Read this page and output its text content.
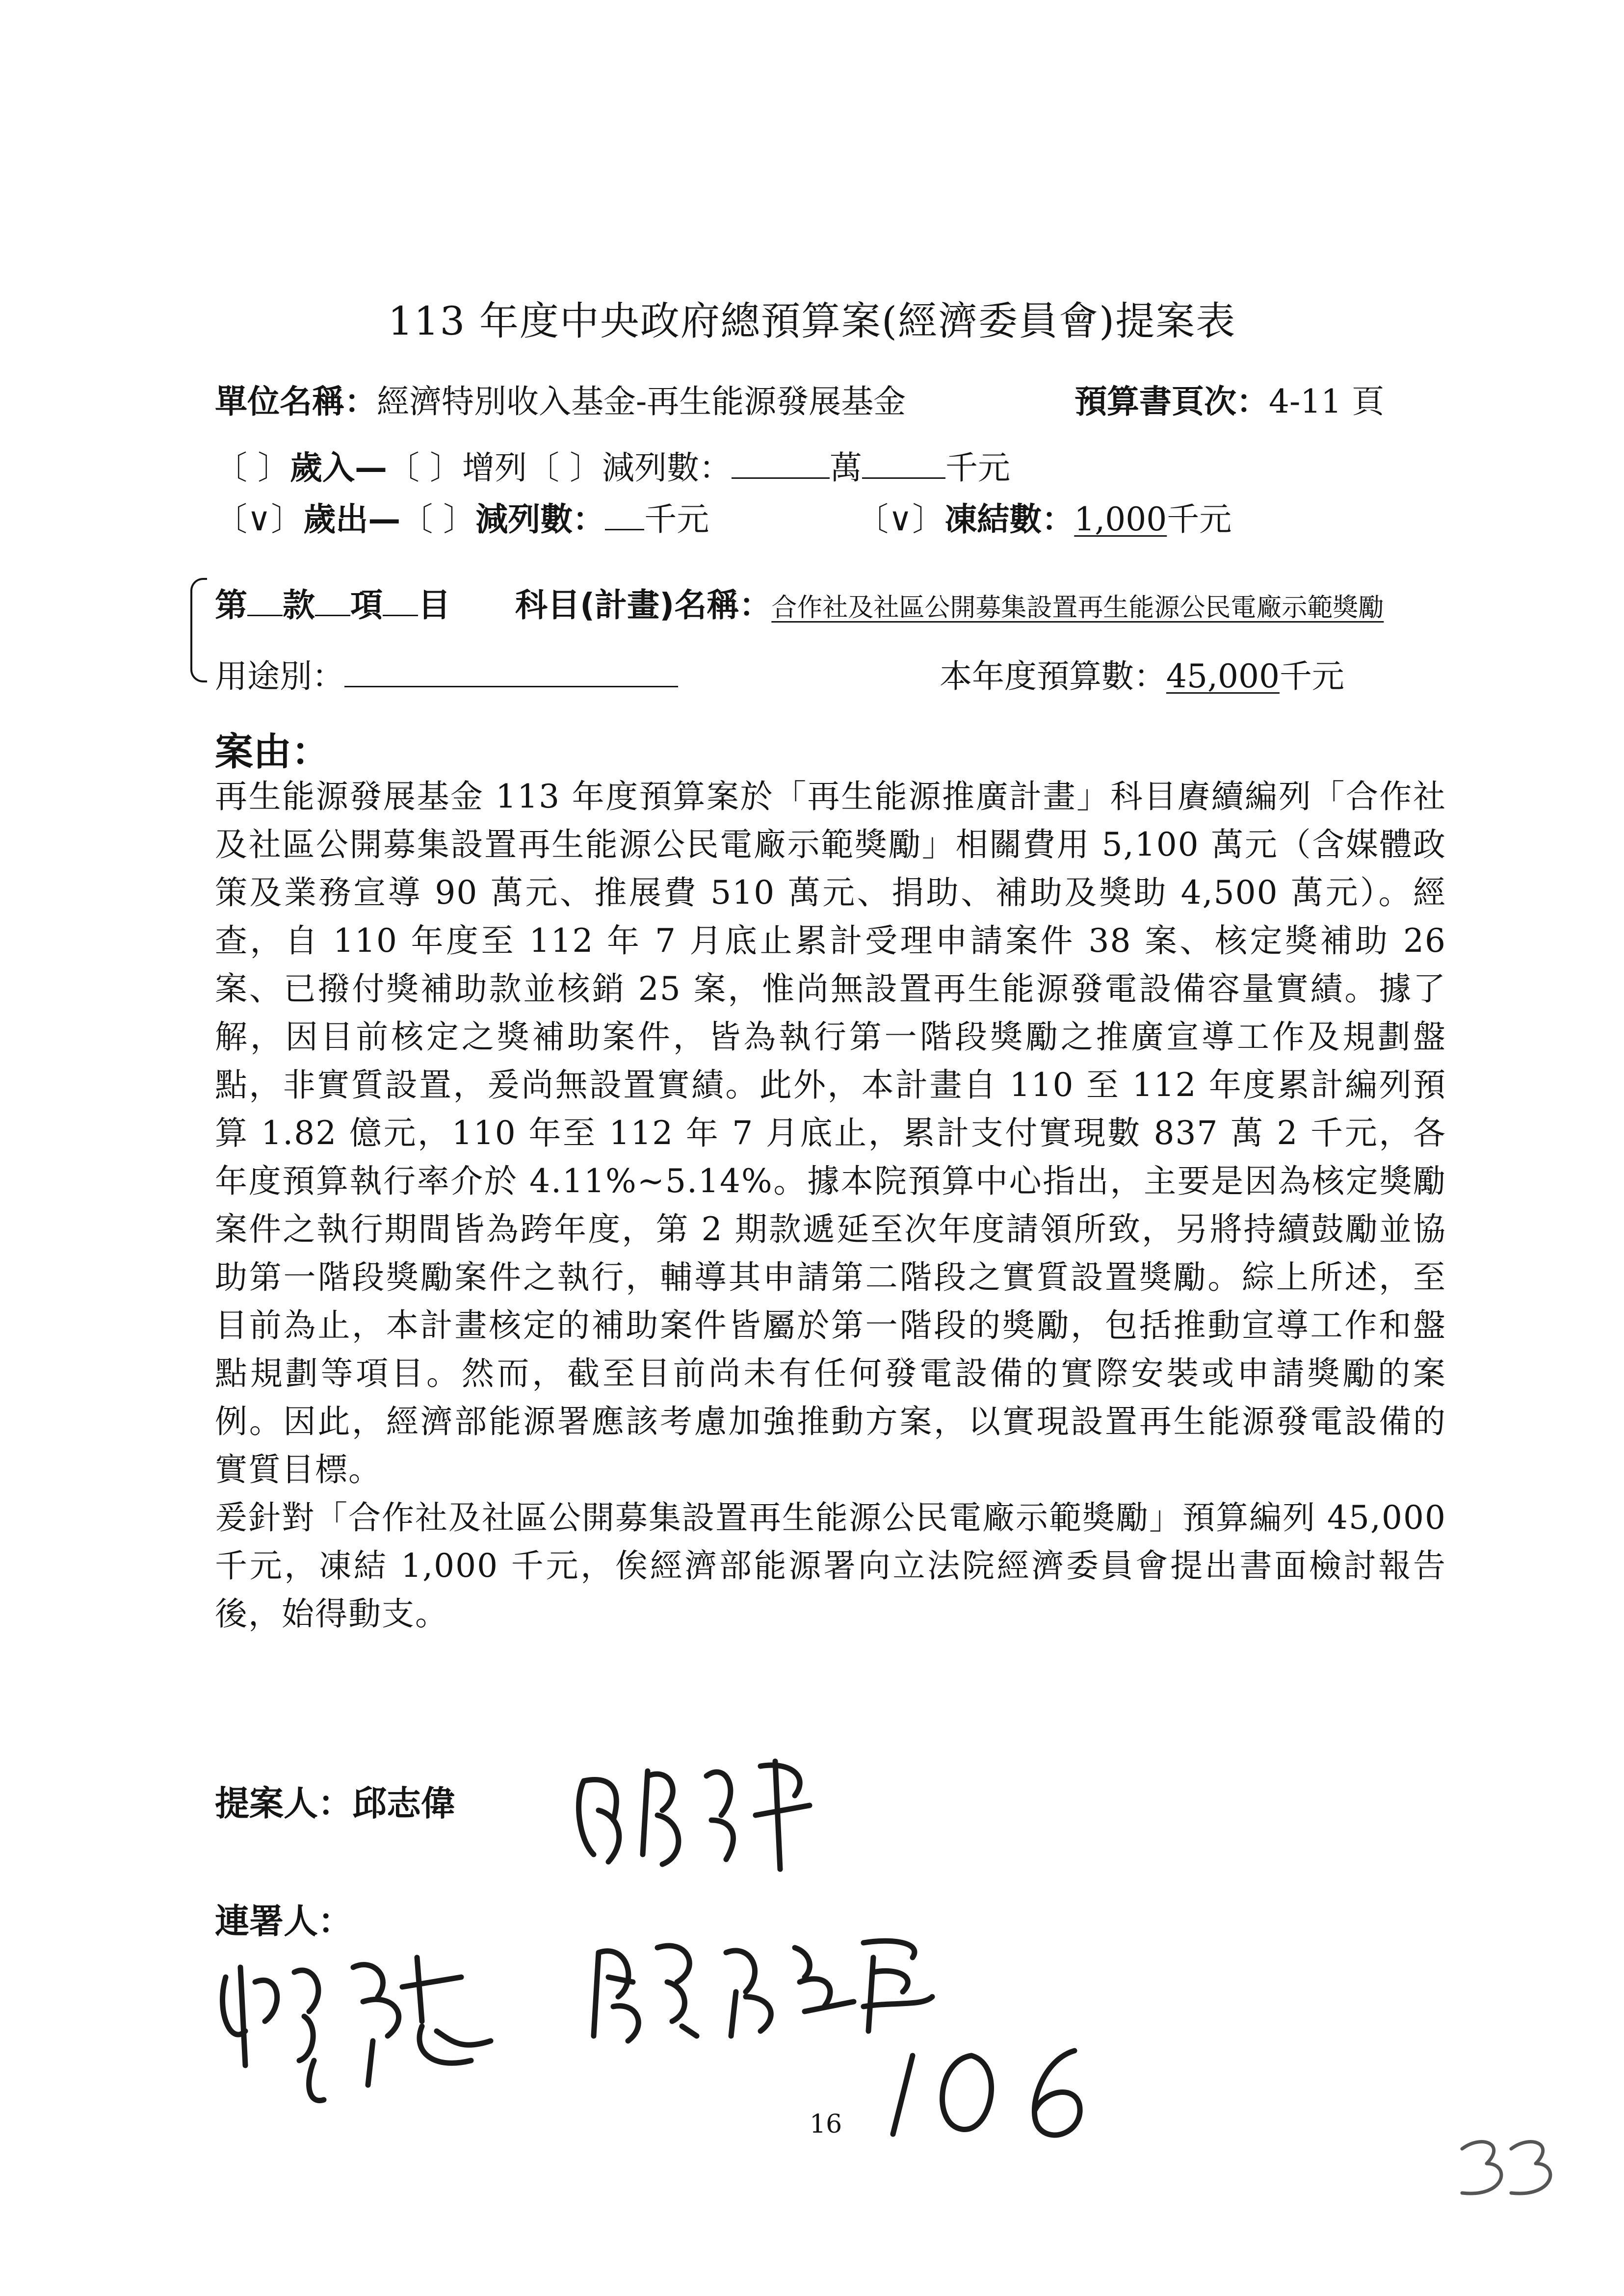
113 年度中央政府總預算案(經濟委員會)提案表
單位名稱：經濟特別收入基金-再生能源發展基金	預算書頁次：4-11 頁
〔 〕歲入—〔 〕增列〔 〕減列數：	萬	千元
〔∨〕歲出—〔 〕減列數： 千元	〔∨〕凍結數：1,000千元
第 款 項 目 科目(計畫)名稱：合作社及社區公開募集設置再生能源公民電廠示範獎勵
用途別：	本年度預算數：45,000千元
案由：

再生能源發展基金 113 年度預算案於「再生能源推廣計畫」科目賡續編列「合作社及社區公開募集設置再生能源公民電廠示範獎勵」相關費用 5,100 萬元（含媒體政策及業務宣導 90 萬元、推展費 510 萬元、捐助、補助及獎助 4,500 萬元）。經查，自 110 年度至 112 年 7 月底止累計受理申請案件 38 案、核定獎補助 26 案、已撥付獎補助款並核銷 25 案，惟尚無設置再生能源發電設備容量實績。據了解，因目前核定之獎補助案件，皆為執行第一階段獎勵之推廣宣導工作及規劃盤點，非實質設置，爰尚無設置實績。此外，本計畫自 110 至 112 年度累計編列預算 1.82 億元，110 年至 112 年 7 月底止，累計支付實現數 837 萬 2 千元，各年度預算執行率介於 4.11%~5.14%。據本院預算中心指出，主要是因為核定獎勵案件之執行期間皆為跨年度，第 2 期款遞延至次年度請領所致，另將持續鼓勵並協助第一階段獎勵案件之執行，輔導其申請第二階段之實質設置獎勵。綜上所述，至目前為止，本計畫核定的補助案件皆屬於第一階段的獎勵，包括推動宣導工作和盤點規劃等項目。然而，截至目前尚未有任何發電設備的實際安裝或申請獎勵的案例。因此，經濟部能源署應該考慮加強推動方案，以實現設置再生能源發電設備的實質目標。

爰針對「合作社及社區公開募集設置再生能源公民電廠示範獎勵」預算編列 45,000 千元，凍結 1,000 千元，俟經濟部能源署向立法院經濟委員會提出書面檢討報告後，始得動支。

提案人：邱志偉
連署人：
16
